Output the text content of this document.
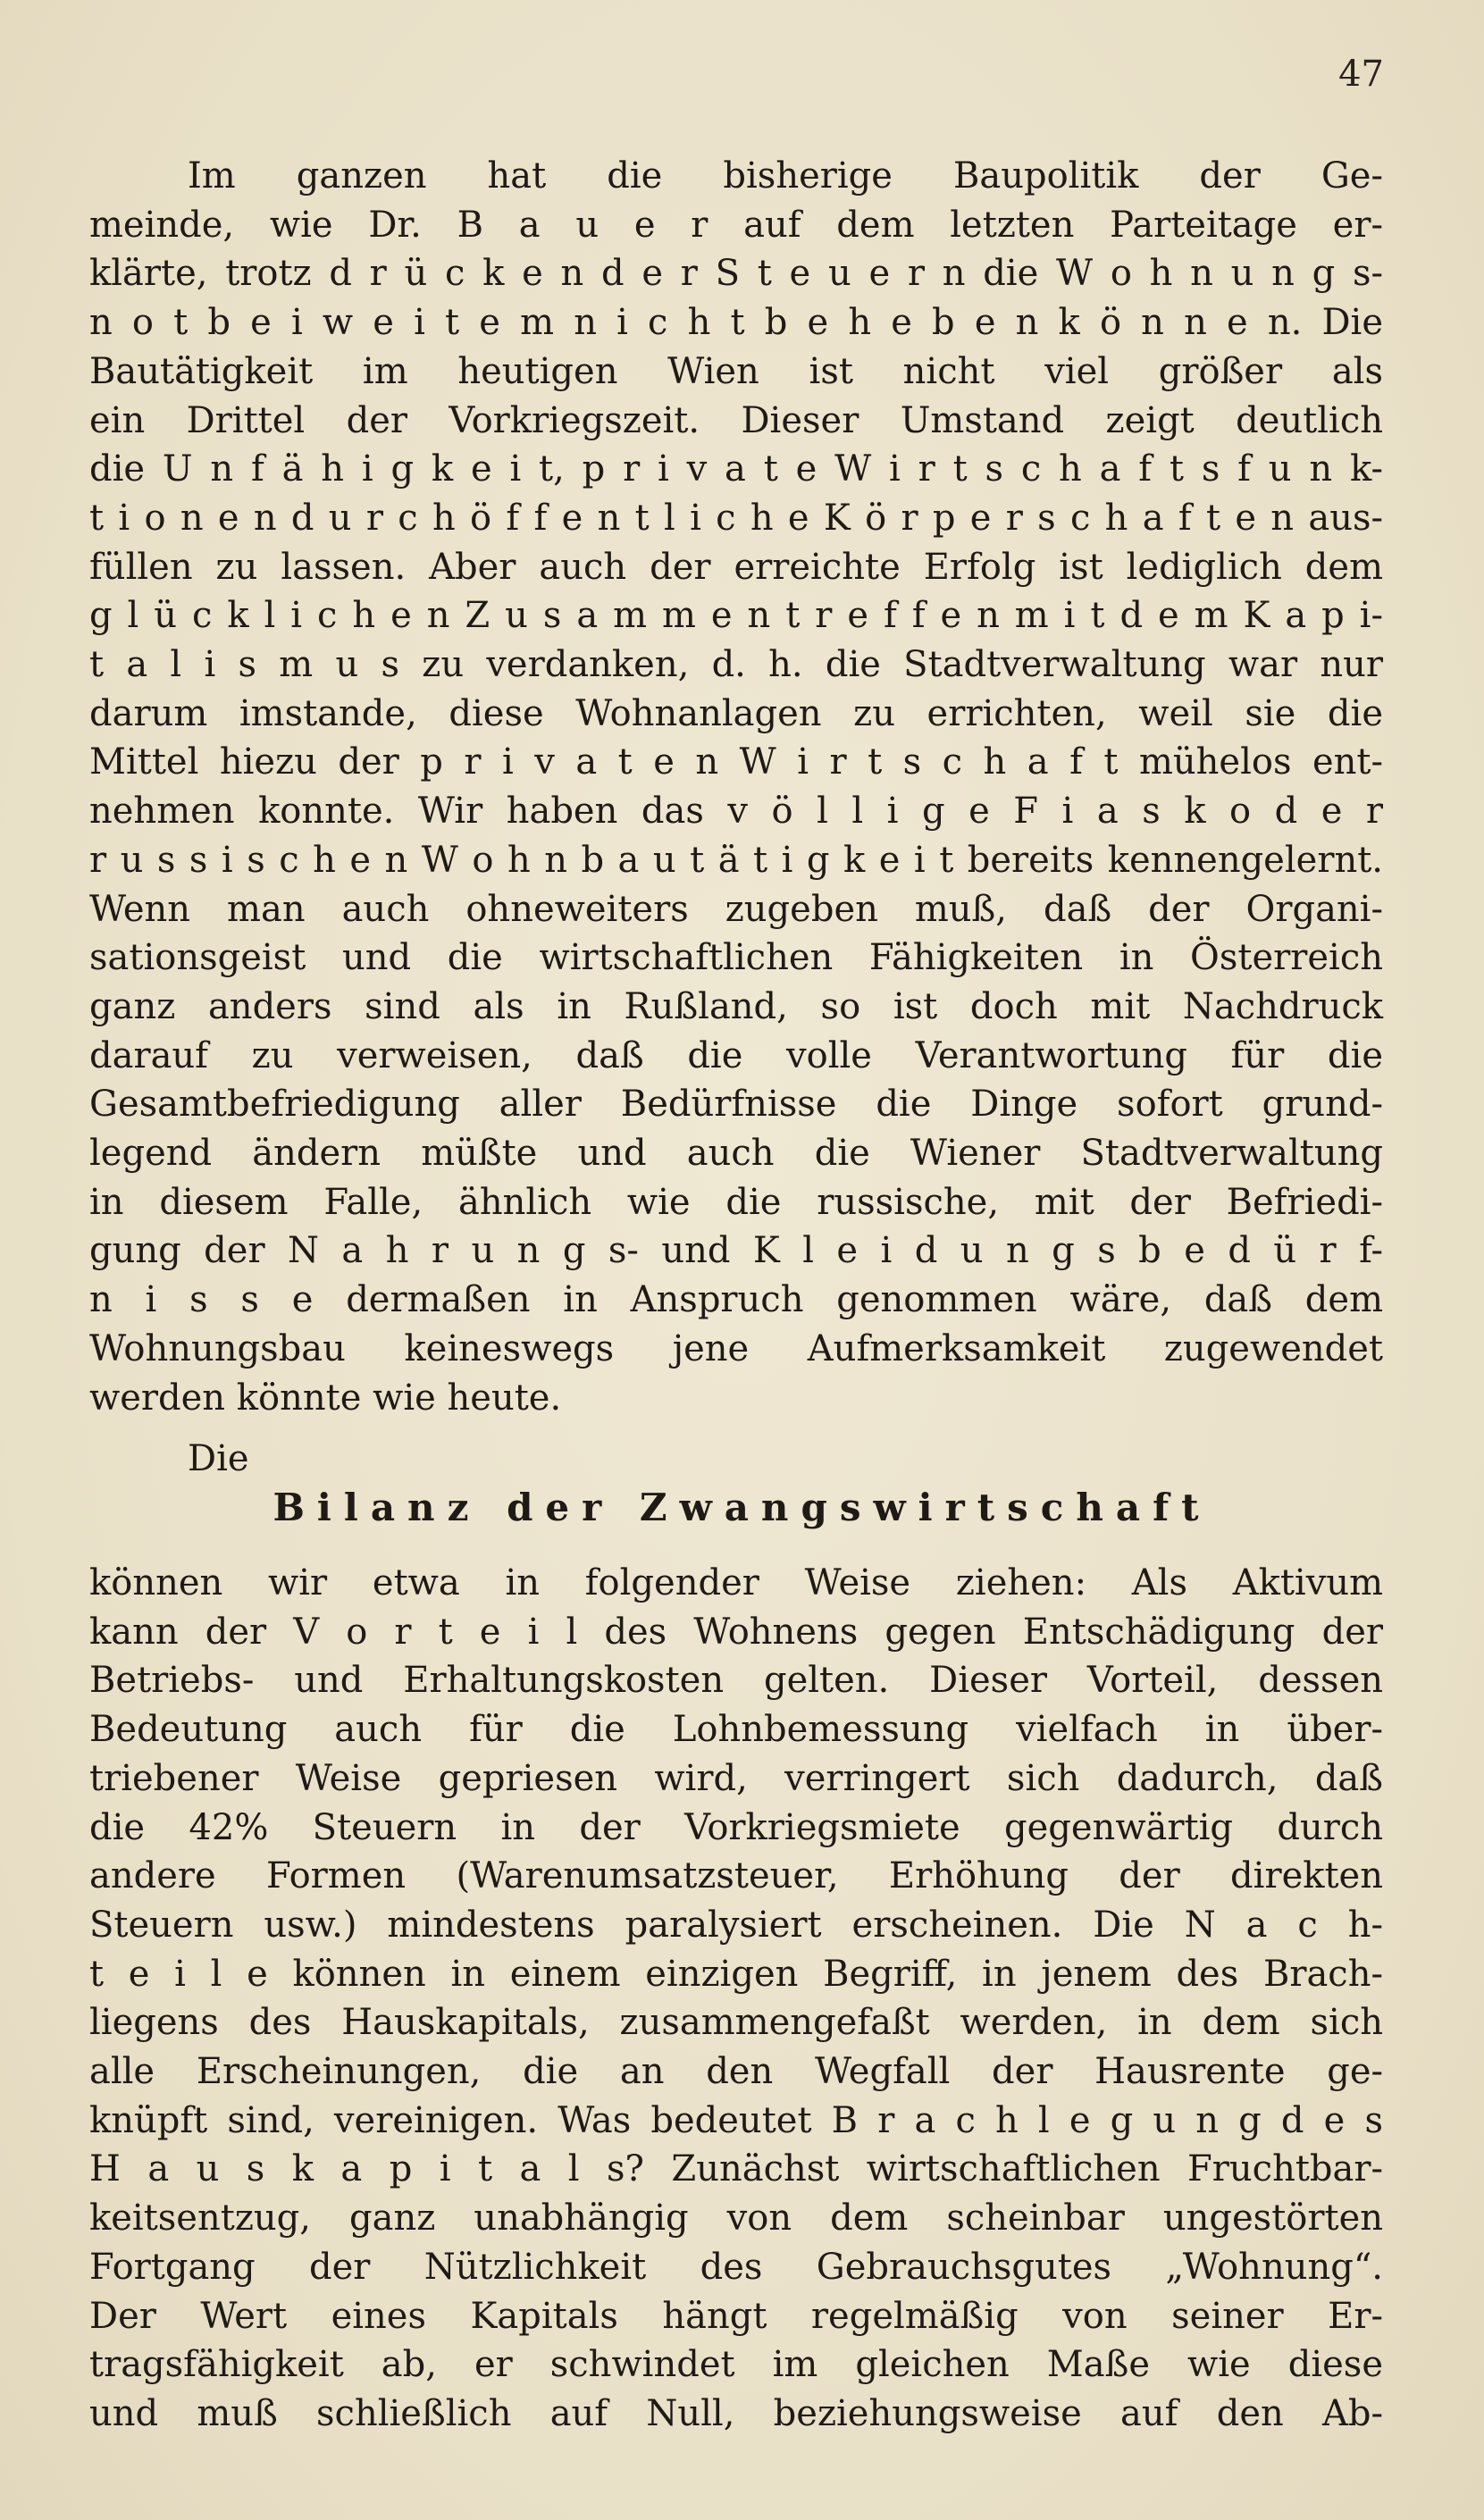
47
Im ganzen hat die bisherige Baupolitik der Ge-
meinde, wie Dr. B a u e r auf dem letzten Parteitage er-
klärte, trotz d r ü c k e n d e r S t e u e r n die W o h n u n g s-
n o t b e i w e i t e m n i c h t b e h e b e n k ö n n e n. Die
Bautätigkeit im heutigen Wien ist nicht viel größer als
ein Drittel der Vorkriegszeit. Dieser Umstand zeigt deutlich
die U n f ä h i g k e i t, p r i v a t e W i r t s c h a f t s f u n k-
t i o n e n d u r c h ö f f e n t l i c h e K ö r p e r s c h a f t e n aus-
füllen zu lassen. Aber auch der erreichte Erfolg ist lediglich dem
g l ü c k l i c h e n Z u s a m m e n t r e f f e n m i t d e m K a p i-
t a l i s m u s zu verdanken, d. h. die Stadtverwaltung war nur
darum imstande, diese Wohnanlagen zu errichten, weil sie die
Mittel hiezu der p r i v a t e n W i r t s c h a f t mühelos ent-
nehmen konnte. Wir haben das v ö l l i g e F i a s k o d e r
r u s s i s c h e n W o h n b a u t ä t i g k e i t bereits kennengelernt.
Wenn man auch ohneweiters zugeben muß, daß der Organi-
sationsgeist und die wirtschaftlichen Fähigkeiten in Österreich
ganz anders sind als in Rußland, so ist doch mit Nachdruck
darauf zu verweisen, daß die volle Verantwortung für die
Gesamtbefriedigung aller Bedürfnisse die Dinge sofort grund-
legend ändern müßte und auch die Wiener Stadtverwaltung
in diesem Falle, ähnlich wie die russische, mit der Befriedi-
gung der N a h r u n g s- und K l e i d u n g s b e d ü r f-
n i s s e dermaßen in Anspruch genommen wäre, daß dem
Wohnungsbau keineswegs jene Aufmerksamkeit zugewendet
werden könnte wie heute.
Die
Bilanz der Zwangswirtschaft
können wir etwa in folgender Weise ziehen: Als Aktivum
kann der V o r t e i l des Wohnens gegen Entschädigung der
Betriebs- und Erhaltungskosten gelten. Dieser Vorteil, dessen
Bedeutung auch für die Lohnbemessung vielfach in über-
triebener Weise gepriesen wird, verringert sich dadurch, daß
die 42% Steuern in der Vorkriegsmiete gegenwärtig durch
andere Formen (Warenumsatzsteuer, Erhöhung der direkten
Steuern usw.) mindestens paralysiert erscheinen. Die N a c h-
t e i l e können in einem einzigen Begriff, in jenem des Brach-
liegens des Hauskapitals, zusammengefaßt werden, in dem sich
alle Erscheinungen, die an den Wegfall der Hausrente ge-
knüpft sind, vereinigen. Was bedeutet B r a c h l e g u n g d e s
H a u s k a p i t a l s? Zunächst wirtschaftlichen Fruchtbar-
keitsentzug, ganz unabhängig von dem scheinbar ungestörten
Fortgang der Nützlichkeit des Gebrauchsgutes „Wohnung“.
Der Wert eines Kapitals hängt regelmäßig von seiner Er-
tragsfähigkeit ab, er schwindet im gleichen Maße wie diese
und muß schließlich auf Null, beziehungsweise auf den Ab-
